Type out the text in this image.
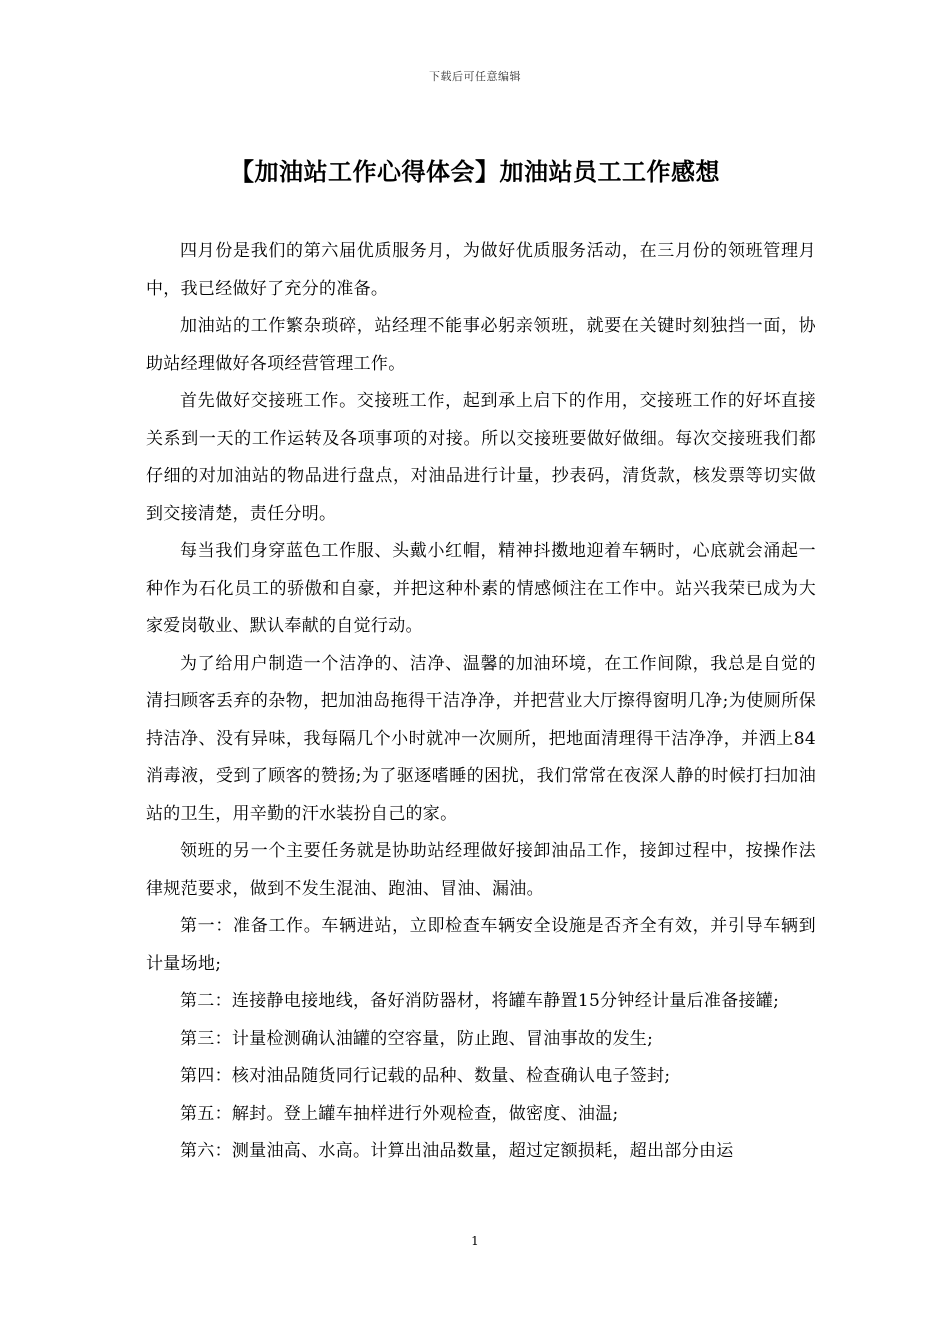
下载后可任意编辑
【加油站工作心得体会】加油站员工工作感想

四月份是我们的第六届优质服务月，为做好优质服务活动，在三月份的领班管理月中，我已经做好了充分的准备。

加油站的工作繁杂琐碎，站经理不能事必躬亲领班，就要在关键时刻独挡一面，协助站经理做好各项经营管理工作。

首先做好交接班工作。交接班工作，起到承上启下的作用，交接班工作的好坏直接关系到一天的工作运转及各项事项的对接。所以交接班要做好做细。每次交接班我们都仔细的对加油站的物品进行盘点，对油品进行计量，抄表码，清货款，核发票等切实做到交接清楚，责任分明。

每当我们身穿蓝色工作服、头戴小红帽，精神抖擞地迎着车辆时，心底就会涌起一种作为石化员工的骄傲和自豪，并把这种朴素的情感倾注在工作中。站兴我荣已成为大家爱岗敬业、默认奉献的自觉行动。

为了给用户制造一个洁净的、洁净、温馨的加油环境，在工作间隙，我总是自觉的清扫顾客丢弃的杂物，把加油岛拖得干洁净净，并把营业大厅擦得窗明几净;为使厕所保持洁净、没有异味，我每隔几个小时就冲一次厕所，把地面清理得干洁净净，并洒上84消毒液，受到了顾客的赞扬;为了驱逐嗜睡的困扰，我们常常在夜深人静的时候打扫加油站的卫生，用辛勤的汗水装扮自己的家。

领班的另一个主要任务就是协助站经理做好接卸油品工作，接卸过程中，按操作法律规范要求，做到不发生混油、跑油、冒油、漏油。

第一：准备工作。车辆进站，立即检查车辆安全设施是否齐全有效，并引导车辆到计量场地;

第二：连接静电接地线，备好消防器材，将罐车静置15分钟经计量后准备接罐;

第三：计量检测确认油罐的空容量，防止跑、冒油事故的发生;

第四：核对油品随货同行记载的品种、数量、检查确认电子签封;

第五：解封。登上罐车抽样进行外观检查，做密度、油温;

第六：测量油高、水高。计算出油品数量，超过定额损耗，超出部分由运

1
